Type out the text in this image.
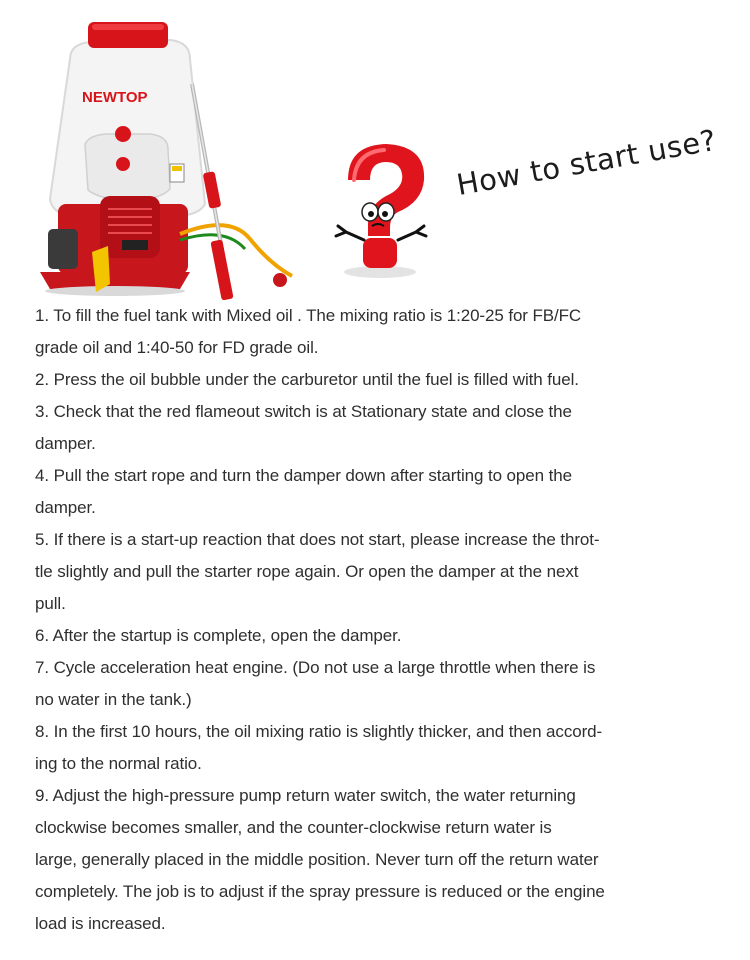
NEWTOP
How to start use?

1. To fill the fuel tank with Mixed oil . The mixing ratio is 1:20-25 for FB/FC
grade oil and 1:40-50 for FD grade oil.

2. Press the oil bubble under the carburetor until the fuel is filled with fuel.

3. Check that the red flameout switch is at Stationary state and close the
damper.

4. Pull the start rope and turn the damper down after starting to open the
damper.

5. If there is a start-up reaction that does not start, please increase the throt-
tle slightly and pull the starter rope again. Or open the damper at the next
pull.

6. After the startup is complete, open the damper.

7. Cycle acceleration heat engine. (Do not use a large throttle when there is
no water in the tank.)

8. In the first 10 hours, the oil mixing ratio is slightly thicker, and then accord-
ing to the normal ratio.

9. Adjust the high-pressure pump return water switch, the water returning
clockwise becomes smaller, and the counter-clockwise return water is
large, generally placed in the middle position. Never turn off the return water
completely. The job is to adjust if the spray pressure is reduced or the engine
load is increased.
